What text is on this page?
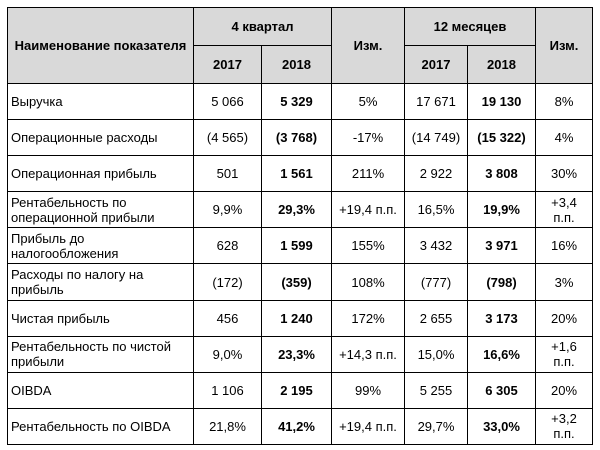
Наименование показателя	4 квартал		Изм.	12 месяцев		Изм.
	2017	2018		2017	2018	
Выручка	5 066	5 329	5%	17 671	19 130	8%
Операционные расходы	(4 565)	(3 768)	-17%	(14 749)	(15 322)	4%
Операционная прибыль	501	1 561	211%	2 922	3 808	30%
Рентабельность по операционной прибыли	9,9%	29,3%	+19,4 п.п.	16,5%	19,9%	+3,4 п.п.
Прибыль до налогообложения	628	1 599	155%	3 432	3 971	16%
Расходы по налогу на прибыль	(172)	(359)	108%	(777)	(798)	3%
Чистая прибыль	456	1 240	172%	2 655	3 173	20%
Рентабельность по чистой прибыли	9,0%	23,3%	+14,3 п.п.	15,0%	16,6%	+1,6 п.п.
OIBDA	1 106	2 195	99%	5 255	6 305	20%
Рентабельность по OIBDA	21,8%	41,2%	+19,4 п.п.	29,7%	33,0%	+3,2 п.п.
